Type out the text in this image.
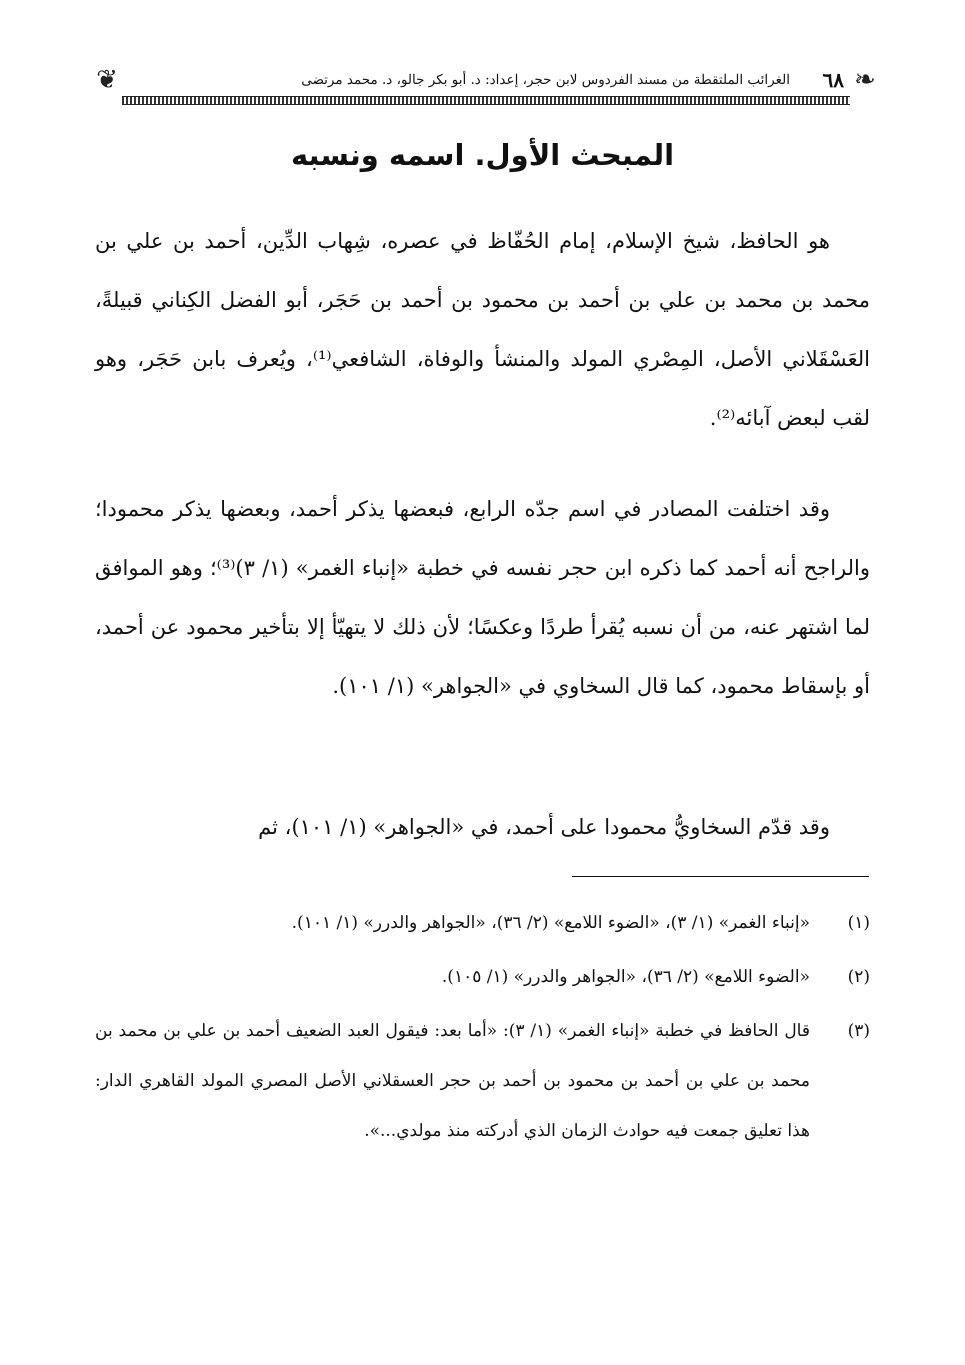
❦	❧
الغرائب الملتقطة من مسند الفردوس لابن حجر، إعداد: د. أبو بكر جالو، د. محمد مرتضى ٦٨
المبحث الأول. اسمه ونسبه

هو الحافظ، شيخ الإسلام، إمام الحُفّاظ في عصره، شِهاب الدِّين، أحمد بن علي بن محمد بن محمد بن علي بن أحمد بن محمود بن أحمد بن حَجَر، أبو الفضل الكِناني قبيلةً، العَسْقَلاني الأصل، المِصْري المولد والمنشأ والوفاة، الشافعي⁽¹⁾، ويُعرف بابن حَجَر، وهو لقب لبعض آبائه⁽²⁾.

وقد اختلفت المصادر في اسم جدّه الرابع، فبعضها يذكر أحمد، وبعضها يذكر محمودا؛ والراجح أنه أحمد كما ذكره ابن حجر نفسه في خطبة «إنباء الغمر» (١/ ٣)⁽³⁾؛ وهو الموافق لما اشتهر عنه، من أن نسبه يُقرأ طردًا وعكسًا؛ لأن ذلك لا يتهيّأ إلا بتأخير محمود عن أحمد، أو بإسقاط محمود، كما قال السخاوي في «الجواهر» (١/ ١٠١).

وقد قدّم السخاويُّ محمودا على أحمد، في «الجواهر» (١/ ١٠١)، ثم

(١)
«إنباء الغمر» (١/ ٣)، «الضوء اللامع» (٢/ ٣٦)، «الجواهر والدرر» (١/ ١٠١).
(٢)
«الضوء اللامع» (٢/ ٣٦)، «الجواهر والدرر» (١/ ١٠٥).
(٣)
قال الحافظ في خطبة «إنباء الغمر» (١/ ٣): «أما بعد: فيقول العبد الضعيف أحمد بن علي بن محمد بن محمد بن علي بن أحمد بن محمود بن أحمد بن حجر العسقلاني الأصل المصري المولد القاهري الدار: هذا تعليق جمعت فيه حوادث الزمان الذي أدركته منذ مولدي...».
